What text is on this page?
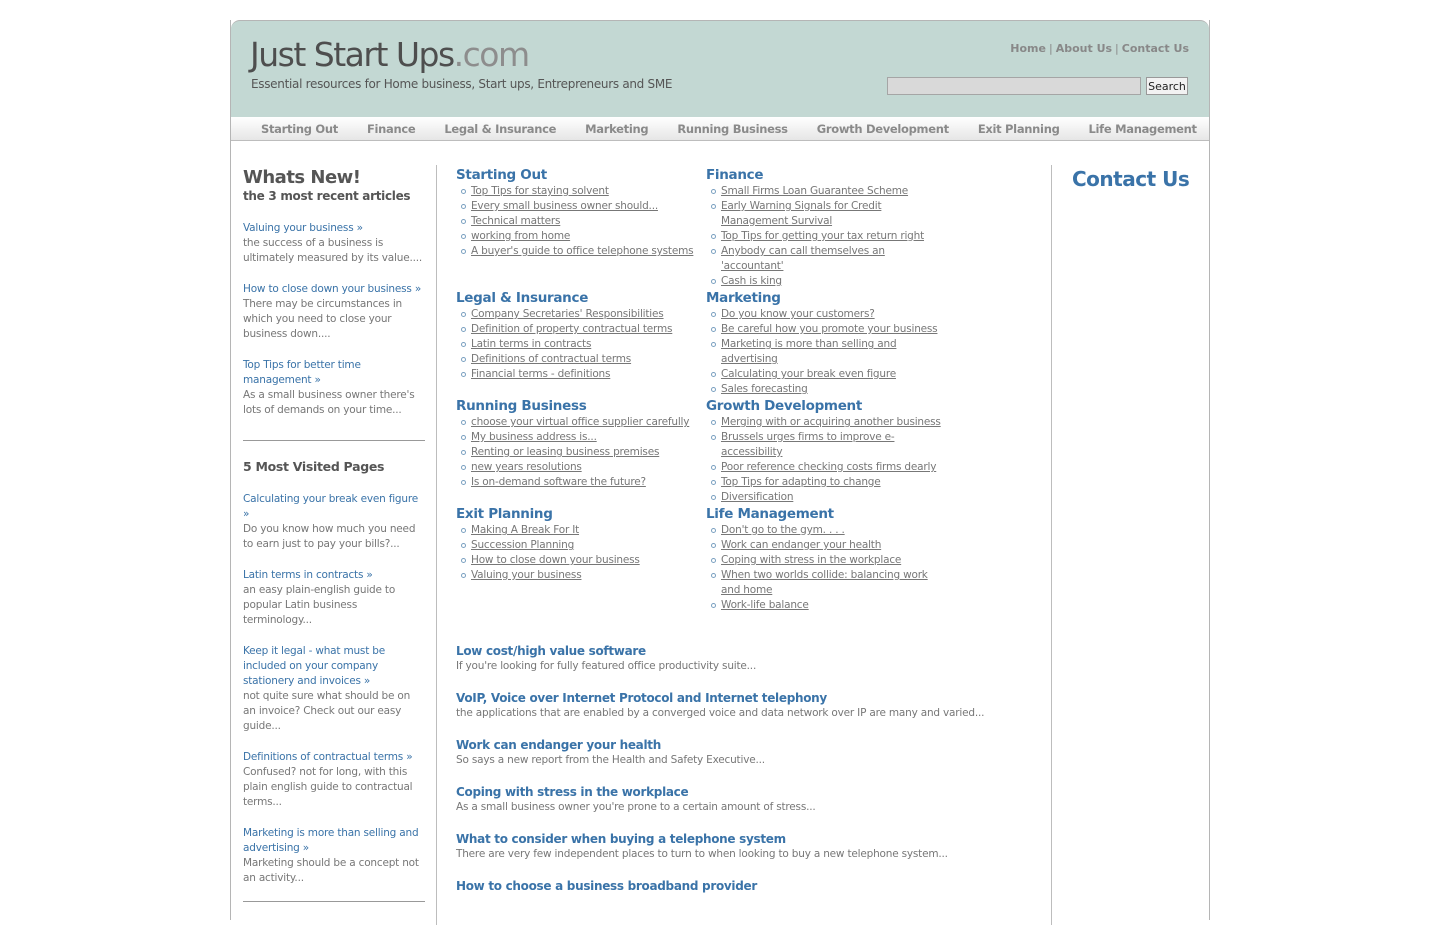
Just Start Ups.com
Essential resources for Home business, Start ups, Entrepreneurs and SME
Home | About Us | Contact Us
Search
Starting Out	Finance	Legal & Insurance	Marketing	Running Business	Growth Development	Exit Planning	Life Management
Whats New!
the 3 most recent articles
Valuing your business »
the success of a business is ultimately measured by its value....
How to close down your business »
There may be circumstances in which you need to close your business down....
Top Tips for better time management »
As a small business owner there's lots of demands on your time...
5 Most Visited Pages
Calculating your break even figure »
Do you know how much you need to earn just to pay your bills?...
Latin terms in contracts »
an easy plain-english guide to popular Latin business terminology...
Keep it legal - what must be included on your company stationery and invoices »
not quite sure what should be on an invoice? Check out our easy guide...
Definitions of contractual terms »
Confused? not for long, with this plain english guide to contractual terms...
Marketing is more than selling and advertising »
Marketing should be a concept not an activity...
Starting Out
Top Tips for staying solvent
Every small business owner should...
Technical matters
working from home
A buyer's guide to office telephone systems
Finance
Small Firms Loan Guarantee Scheme
Early Warning Signals for Credit Management Survival
Top Tips for getting your tax return right
Anybody can call themselves an 'accountant'
Cash is king
Legal & Insurance
Company Secretaries' Responsibilities
Definition of property contractual terms
Latin terms in contracts
Definitions of contractual terms
Financial terms - definitions
Marketing
Do you know your customers?
Be careful how you promote your business
Marketing is more than selling and advertising
Calculating your break even figure
Sales forecasting
Running Business
choose your virtual office supplier carefully
My business address is...
Renting or leasing business premises
new years resolutions
Is on-demand software the future?
Growth Development
Merging with or acquiring another business
Brussels urges firms to improve e-accessibility
Poor reference checking costs firms dearly
Top Tips for adapting to change
Diversification
Exit Planning
Making A Break For It
Succession Planning
How to close down your business
Valuing your business
Life Management
Don't go to the gym. . . .
Work can endanger your health
Coping with stress in the workplace
When two worlds collide: balancing work and home
Work-life balance
Low cost/high value software
If you're looking for fully featured office productivity suite...
VoIP, Voice over Internet Protocol and Internet telephony
the applications that are enabled by a converged voice and data network over IP are many and varied...
Work can endanger your health
So says a new report from the Health and Safety Executive...
Coping with stress in the workplace
As a small business owner you're prone to a certain amount of stress...
What to consider when buying a telephone system
There are very few independent places to turn to when looking to buy a new telephone system...
How to choose a business broadband provider
Contact Us
